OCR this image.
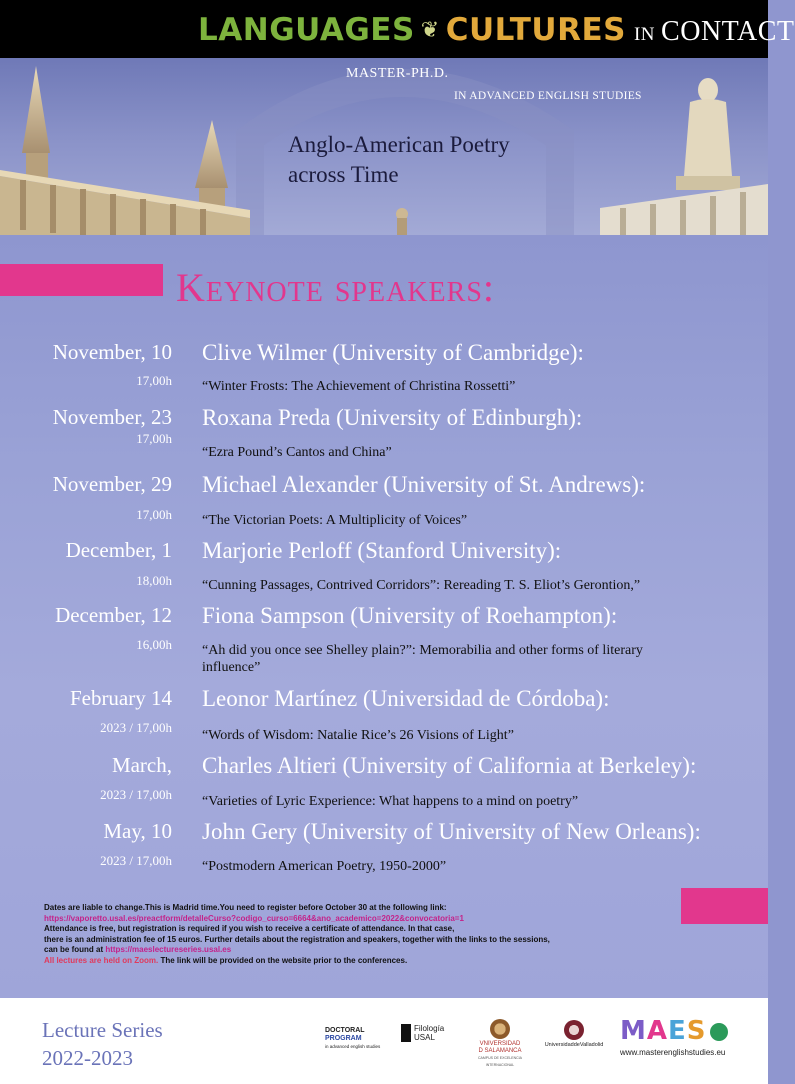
LANGUAGES ❦ CULTURES IN CONTACT
MASTER-PH.D.
IN ADVANCED ENGLISH STUDIES
Anglo-American Poetry
across Time
Keynote speakers:
November, 10
17,00h
Clive Wilmer (University of Cambridge):
“Winter Frosts: The Achievement of Christina Rossetti”
November, 23
17,00h
Roxana Preda (University of Edinburgh):
“Ezra Pound’s Cantos and China”
November, 29
17,00h
Michael Alexander (University of St. Andrews):
“The Victorian Poets: A Multiplicity of Voices”
December, 1
18,00h
Marjorie Perloff (Stanford University):
“Cunning Passages, Contrived Corridors”: Rereading T. S. Eliot’s Gerontion,”
December, 12
16,00h
Fiona Sampson (University of Roehampton):
“Ah did you once see Shelley plain?”: Memorabilia and other forms of literary influence”
February 14
2023 / 17,00h
Leonor Martínez (Universidad de Córdoba):
“Words of Wisdom: Natalie Rice’s 26 Visions of Light”
March,
2023 / 17,00h
Charles Altieri (University of California at Berkeley):
“Varieties of Lyric Experience: What happens to a mind on poetry”
May, 10
2023 / 17,00h
John Gery (University of University of New Orleans):
“Postmodern American Poetry, 1950-2000”
Dates are liable to change.This is Madrid time.You need to register before October 30 at the following link:
https://vaporetto.usal.es/preactform/detalleCurso?codigo_curso=6664&ano_academico=2022&convocatoria=1
Attendance is free, but registration is required if you wish to receive a certificate of attendance. In that case,
there is an administration fee of 15 euros. Further details about the registration and speakers, together with the links to the sessions,
can be found at https://maeslectureseries.usal.es
All lectures are held on Zoom. The link will be provided on the website prior to the conferences.
Lecture Series
2022-2023
DOCTORAL
PROGRAM
in advanced english studies
Filología
USAL
VNIVERSIDAD
D SALAMANCA
CAMPUS DE EXCELENCIA INTERNACIONAL
UniversidaddeValladolid MAES
www.masterenglishstudies.eu
